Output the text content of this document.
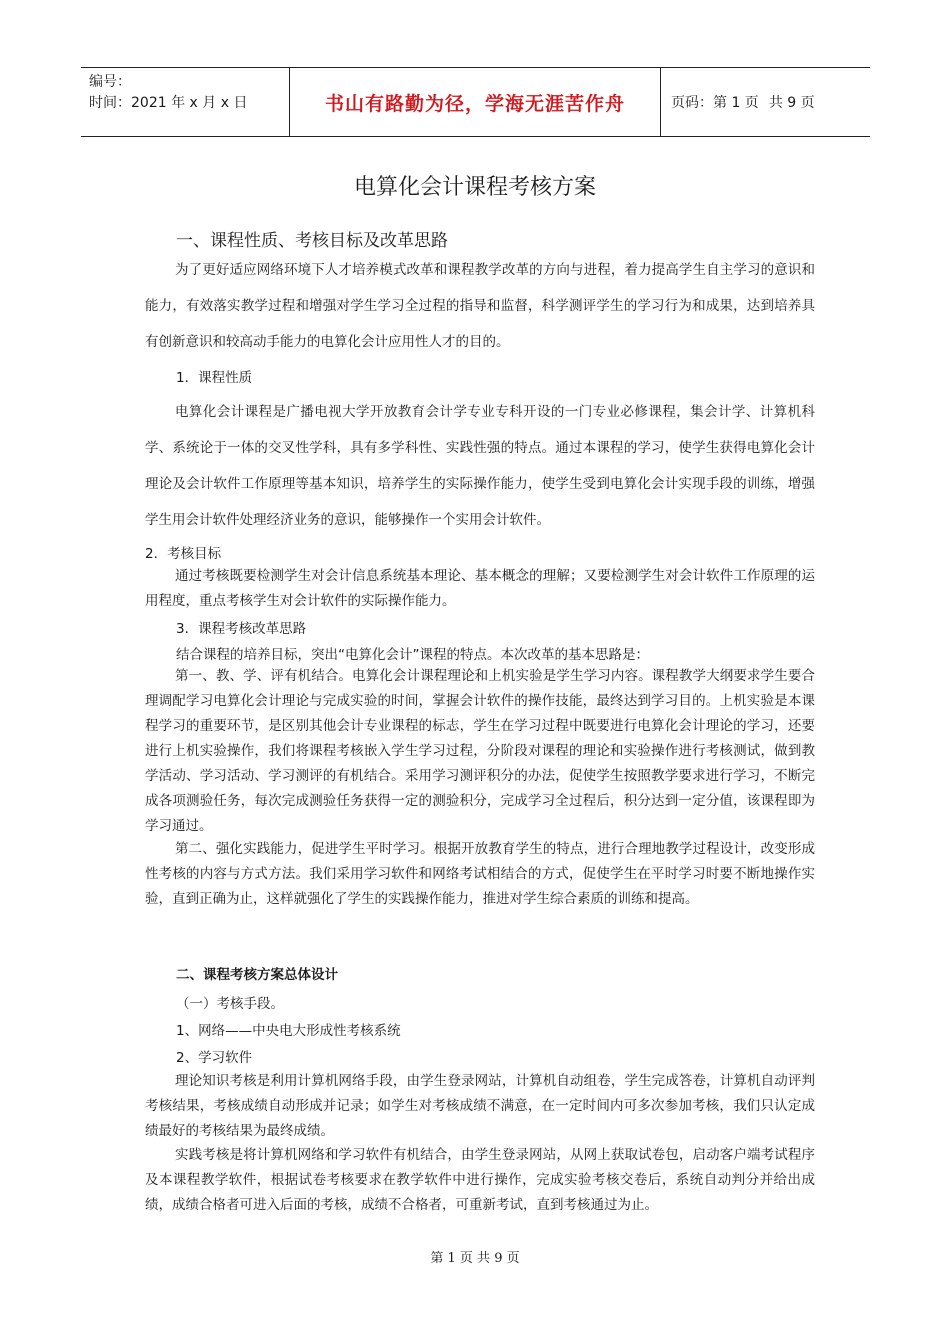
编号：
时间：2021 年 x 月 x 日	书山有路勤为径，学海无涯苦作舟	页码：第 1 页 共 9 页
电算化会计课程考核方案
一、课程性质、考核目标及改革思路
为了更好适应网络环境下人才培养模式改革和课程教学改革的方向与进程，着力提高学生自主学习的意识和能力，有效落实教学过程和增强对学生学习全过程的指导和监督，科学测评学生的学习行为和成果，达到培养具有创新意识和较高动手能力的电算化会计应用性人才的目的。
1．课程性质
电算化会计课程是广播电视大学开放教育会计学专业专科开设的一门专业必修课程，集会计学、计算机科学、系统论于一体的交叉性学科，具有多学科性、实践性强的特点。通过本课程的学习，使学生获得电算化会计理论及会计软件工作原理等基本知识，培养学生的实际操作能力，使学生受到电算化会计实现手段的训练，增强学生用会计软件处理经济业务的意识，能够操作一个实用会计软件。
2．考核目标
通过考核既要检测学生对会计信息系统基本理论、基本概念的理解；又要检测学生对会计软件工作原理的运用程度，重点考核学生对会计软件的实际操作能力。
3．课程考核改革思路
结合课程的培养目标，突出“电算化会计”课程的特点。本次改革的基本思路是：
第一、教、学、评有机结合。电算化会计课程理论和上机实验是学生学习内容。课程教学大纲要求学生要合理调配学习电算化会计理论与完成实验的时间，掌握会计软件的操作技能，最终达到学习目的。上机实验是本课程学习的重要环节，是区别其他会计专业课程的标志，学生在学习过程中既要进行电算化会计理论的学习，还要进行上机实验操作，我们将课程考核嵌入学生学习过程，分阶段对课程的理论和实验操作进行考核测试，做到教学活动、学习活动、学习测评的有机结合。采用学习测评积分的办法，促使学生按照教学要求进行学习，不断完成各项测验任务，每次完成测验任务获得一定的测验积分，完成学习全过程后，积分达到一定分值，该课程即为学习通过。
第二、强化实践能力，促进学生平时学习。根据开放教育学生的特点，进行合理地教学过程设计，改变形成性考核的内容与方式方法。我们采用学习软件和网络考试相结合的方式，促使学生在平时学习时要不断地操作实验，直到正确为止，这样就强化了学生的实践操作能力，推进对学生综合素质的训练和提高。
二、课程考核方案总体设计
（一）考核手段。
1、网络——中央电大形成性考核系统
2、学习软件
理论知识考核是利用计算机网络手段，由学生登录网站，计算机自动组卷，学生完成答卷，计算机自动评判考核结果，考核成绩自动形成并记录；如学生对考核成绩不满意，在一定时间内可多次参加考核，我们只认定成绩最好的考核结果为最终成绩。
实践考核是将计算机网络和学习软件有机结合，由学生登录网站，从网上获取试卷包，启动客户端考试程序及本课程教学软件，根据试卷考核要求在教学软件中进行操作，完成实验考核交卷后，系统自动判分并给出成绩，成绩合格者可进入后面的考核，成绩不合格者，可重新考试，直到考核通过为止。
第 1 页 共 9 页
